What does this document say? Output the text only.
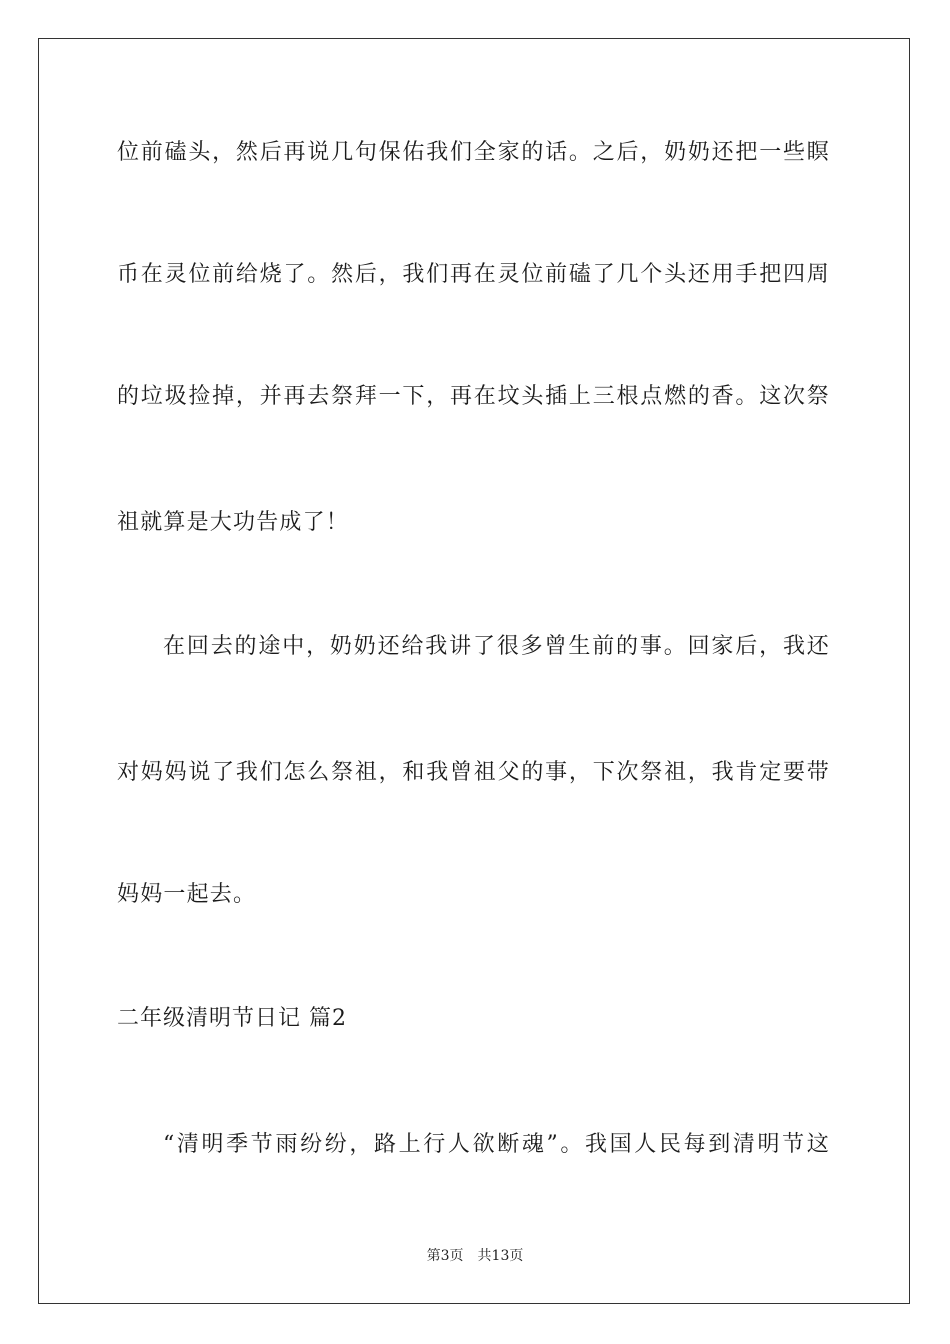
位前磕头，然后再说几句保佑我们全家的话。之后，奶奶还把一些瞑
币在灵位前给烧了。然后，我们再在灵位前磕了几个头还用手把四周
的垃圾捡掉，并再去祭拜一下，再在坟头插上三根点燃的香。这次祭
祖就算是大功告成了！
在回去的途中，奶奶还给我讲了很多曾生前的事。回家后，我还
对妈妈说了我们怎么祭祖，和我曾祖父的事，下次祭祖，我肯定要带
妈妈一起去。
二年级清明节日记 篇2
“清明季节雨纷纷，路上行人欲断魂”。我国人民每到清明节这
第3页 共13页
